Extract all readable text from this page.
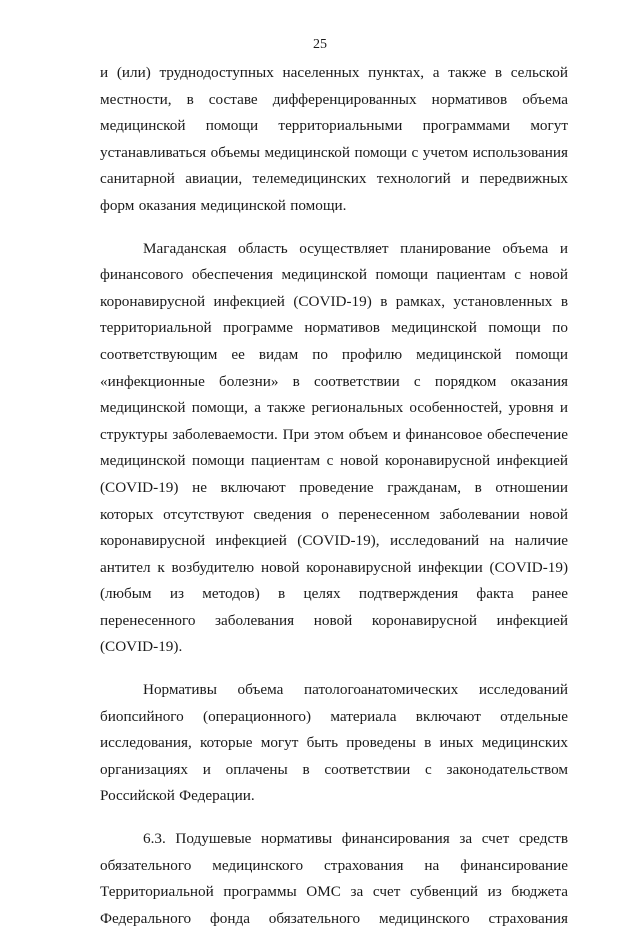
25

и (или) труднодоступных населенных пунктах, а также в сельской местности, в составе дифференцированных нормативов объема медицинской помощи территориальными программами могут устанавливаться объемы медицинской помощи с учетом использования санитарной авиации, телемедицинских технологий и передвижных форм оказания медицинской помощи.

Магаданская область осуществляет планирование объема и финансового обеспечения медицинской помощи пациентам с новой коронавирусной инфекцией (COVID-19) в рамках, установленных в территориальной программе нормативов медицинской помощи по соответствующим ее видам по профилю медицинской помощи «инфекционные болезни» в соответствии с порядком оказания медицинской помощи, а также региональных особенностей, уровня и структуры заболеваемости. При этом объем и финансовое обеспечение медицинской помощи пациентам с новой коронавирусной инфекцией (COVID-19) не включают проведение гражданам, в отношении которых отсутствуют сведения о перенесенном заболевании новой коронавирусной инфекцией (COVID-19), исследований на наличие антител к возбудителю новой коронавирусной инфекции (COVID-19) (любым из методов) в целях подтверждения факта ранее перенесенного заболевания новой коронавирусной инфекцией (COVID-19).

Нормативы объема патологоанатомических исследований биопсийного (операционного) материала включают отдельные исследования, которые могут быть проведены в иных медицинских организациях и оплачены в соответствии с законодательством Российской Федерации.

6.3. Подушевые нормативы финансирования за счет средств обязательного медицинского страхования на финансирование Территориальной программы ОМС за счет субвенций из бюджета Федерального фонда обязательного медицинского страхования
